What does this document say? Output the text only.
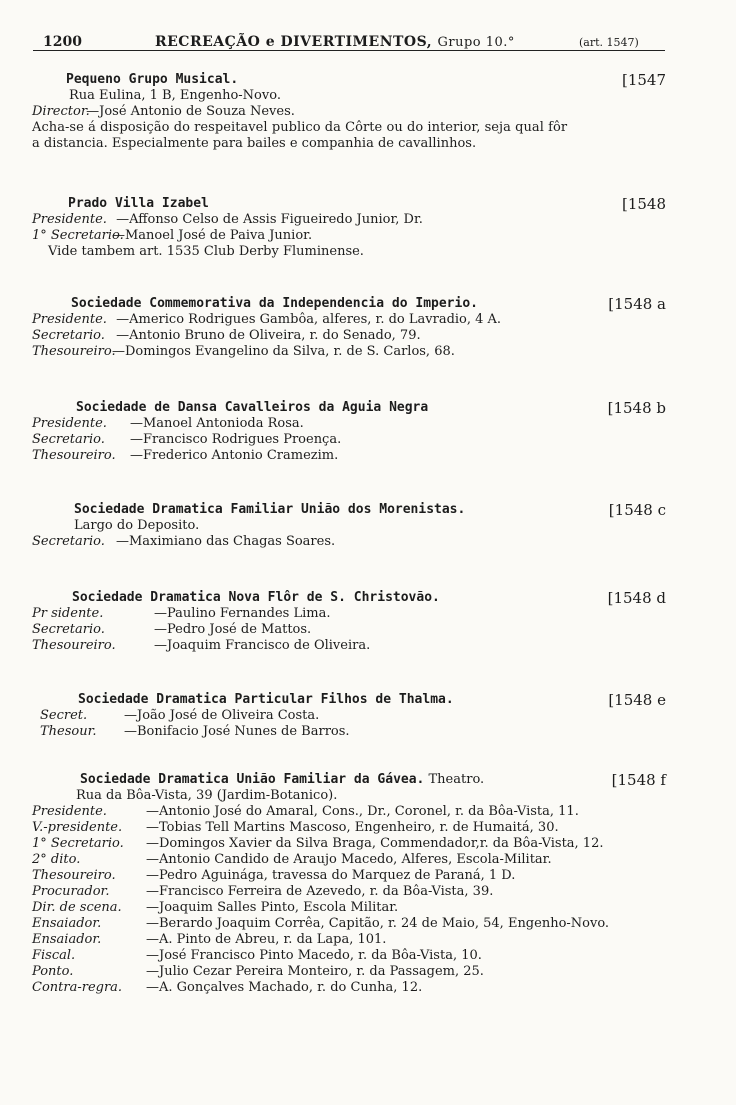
1200	RECREAÇÃO e DIVERTIMENTOS, Grupo 10.°	(art. 1547)
Pequeno Grupo Musical.	[1547
Rua Eulina, 1 B, Engenho-Novo.
Director. —José Antonio de Souza Neves.
Acha-se á disposição do respeitavel publico da Côrte ou do interior, seja qual fôr
a distancia. Especialmente para bailes e companhia de cavallinhos.
Prado Villa Izabel	[1548
Presidente. —Affonso Celso de Assis Figueiredo Junior, Dr.
1° Secretario.—Manoel José de Paiva Junior.
Vide tambem art. 1535 Club Derby Fluminense.
Sociedade Commemorativa da Independencia do Imperio.	[1548 a
Presidente. —Americo Rodrigues Gambôa, alferes, r. do Lavradio, 4 A.
Secretario. —Antonio Bruno de Oliveira, r. do Senado, 79.
Thesoureiro.—Domingos Evangelino da Silva, r. de S. Carlos, 68.
Sociedade de Dansa Cavalleiros da Aguia Negra	[1548 b
Presidente. —Manoel Antonioda Rosa.
Secretario. —Francisco Rodrigues Proença.
Thesoureiro. —Frederico Antonio Cramezim.
Sociedade Dramatica Familiar União dos Morenistas.	[1548 c
Largo do Deposito.
Secretario. —Maximiano das Chagas Soares.
Sociedade Dramatica Nova Flôr de S. Christovão.	[1548 d
Pr sidente.	—Paulino Fernandes Lima.
Secretario.	—Pedro José de Mattos.
Thesoureiro.	—Joaquim Francisco de Oliveira.
Sociedade Dramatica Particular Filhos de Thalma.	[1548 e
Secret.	—João José de Oliveira Costa.
Thesour. —Bonifacio José Nunes de Barros.
Sociedade Dramatica União Familiar da Gávea. Theatro.	[1548 f
Rua da Bôa-Vista, 39 (Jardim-Botanico).
Presidente.	—Antonio José do Amaral, Cons., Dr., Coronel, r. da Bôa-Vista, 11.
V.-presidente. —Tobias Tell Martins Mascoso, Engenheiro, r. de Humaitá, 30.
1° Secretario. —Domingos Xavier da Silva Braga, Commendador,r. da Bôa-Vista, 12.
2° dito.	—Antonio Candido de Araujo Macedo, Alferes, Escola-Militar.
Thesoureiro. —Pedro Aguinága, travessa do Marquez de Paraná, 1 D.
Procurador.	—Francisco Ferreira de Azevedo, r. da Bôa-Vista, 39.
Dir. de scena. —Joaquim Salles Pinto, Escola Militar.
Ensaiador.	—Berardo Joaquim Corrêa, Capitão, r. 24 de Maio, 54, Engenho-Novo.
Ensaiador.	—A. Pinto de Abreu, r. da Lapa, 101.
Fiscal.	—José Francisco Pinto Macedo, r. da Bôa-Vista, 10.
Ponto.	—Julio Cezar Pereira Monteiro, r. da Passagem, 25.
Contra-regra. —A. Gonçalves Machado, r. do Cunha, 12.
